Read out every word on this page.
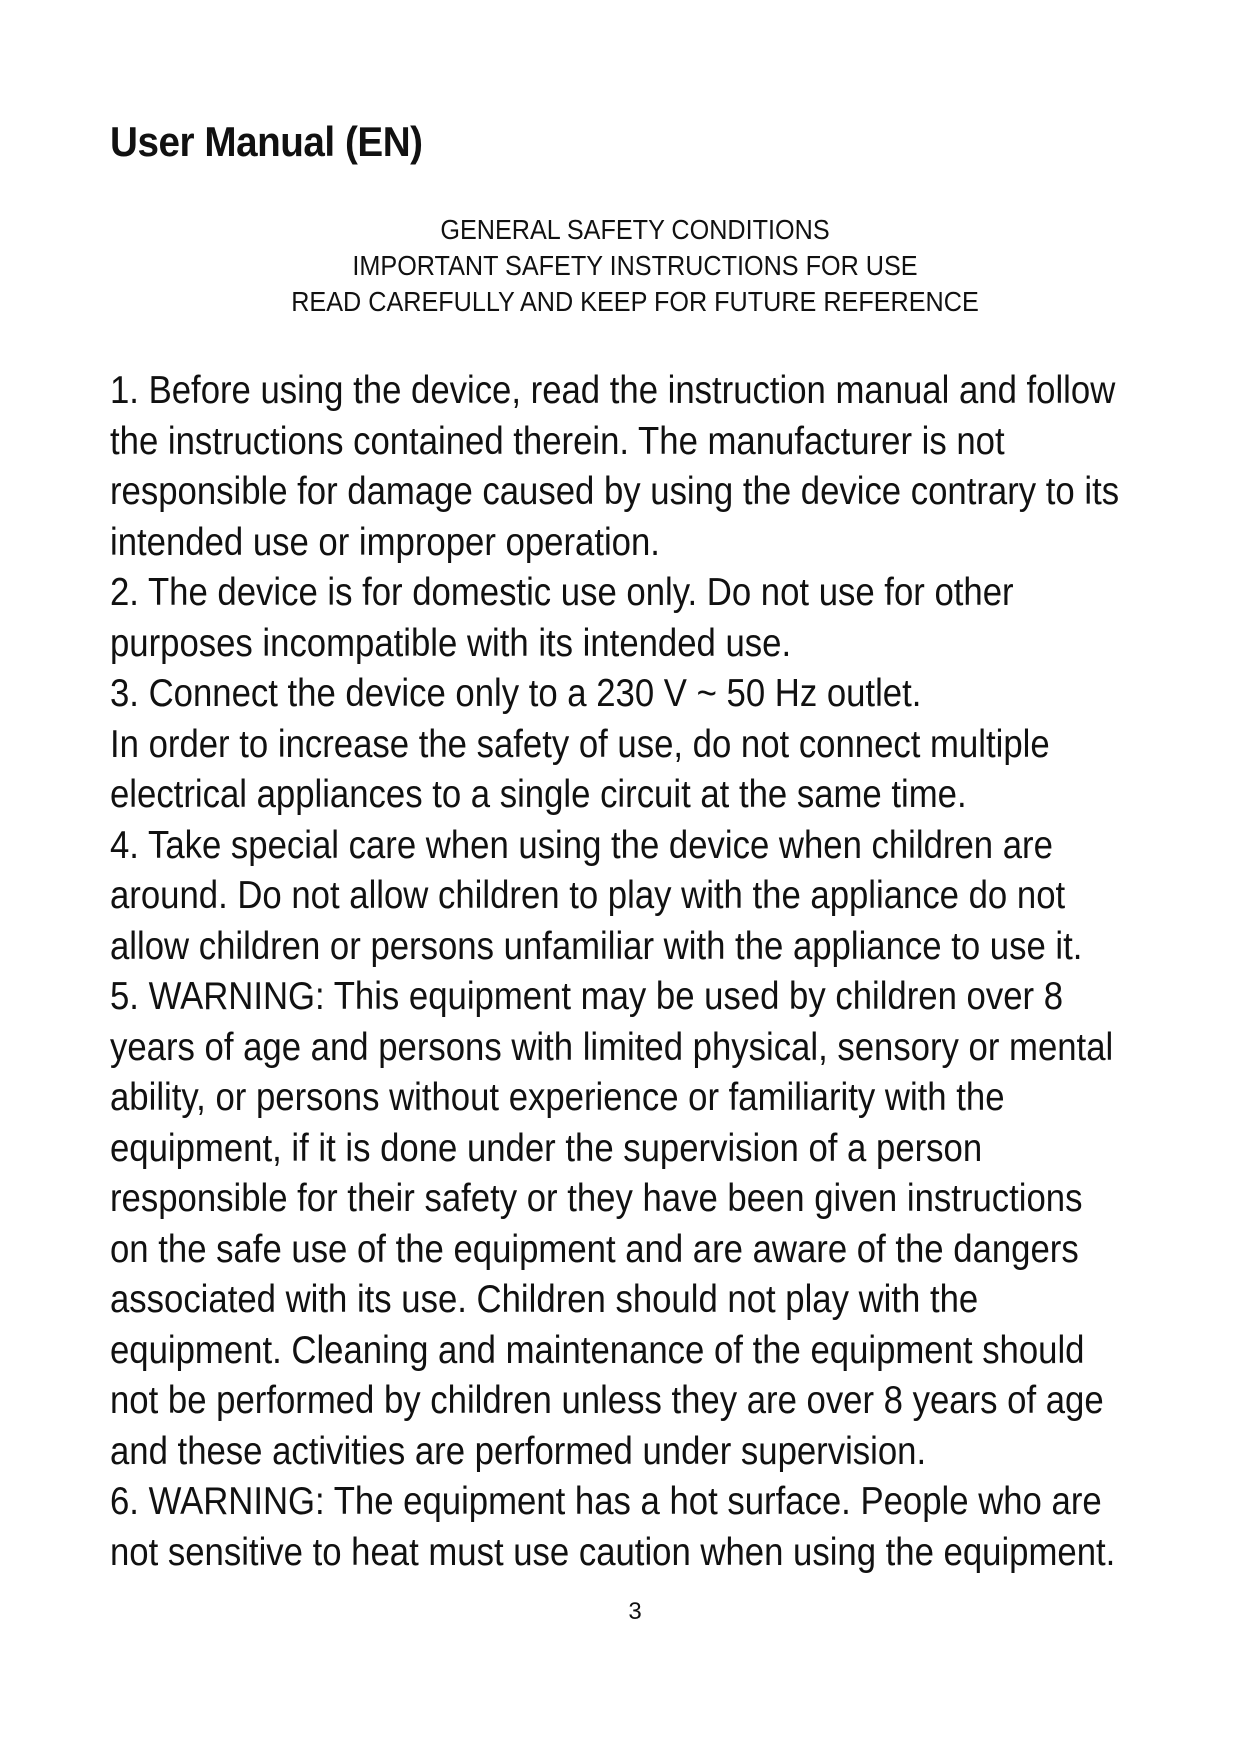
User Manual (EN)
GENERAL SAFETY CONDITIONS
IMPORTANT SAFETY INSTRUCTIONS FOR USE
READ CAREFULLY AND KEEP FOR FUTURE REFERENCE
1. Before using the device, read the instruction manual and follow
the instructions contained therein. The manufacturer is not
responsible for damage caused by using the device contrary to its
intended use or improper operation.
2. The device is for domestic use only. Do not use for other
purposes incompatible with its intended use.
3. Connect the device only to a 230 V ~ 50 Hz outlet.
In order to increase the safety of use, do not connect multiple
electrical appliances to a single circuit at the same time.
4. Take special care when using the device when children are
around. Do not allow children to play with the appliance do not
allow children or persons unfamiliar with the appliance to use it.
5. WARNING: This equipment may be used by children over 8
years of age and persons with limited physical, sensory or mental
ability, or persons without experience or familiarity with the
equipment, if it is done under the supervision of a person
responsible for their safety or they have been given instructions
on the safe use of the equipment and are aware of the dangers
associated with its use. Children should not play with the
equipment. Cleaning and maintenance of the equipment should
not be performed by children unless they are over 8 years of age
and these activities are performed under supervision.
6. WARNING: The equipment has a hot surface. People who are
not sensitive to heat must use caution when using the equipment.
3
